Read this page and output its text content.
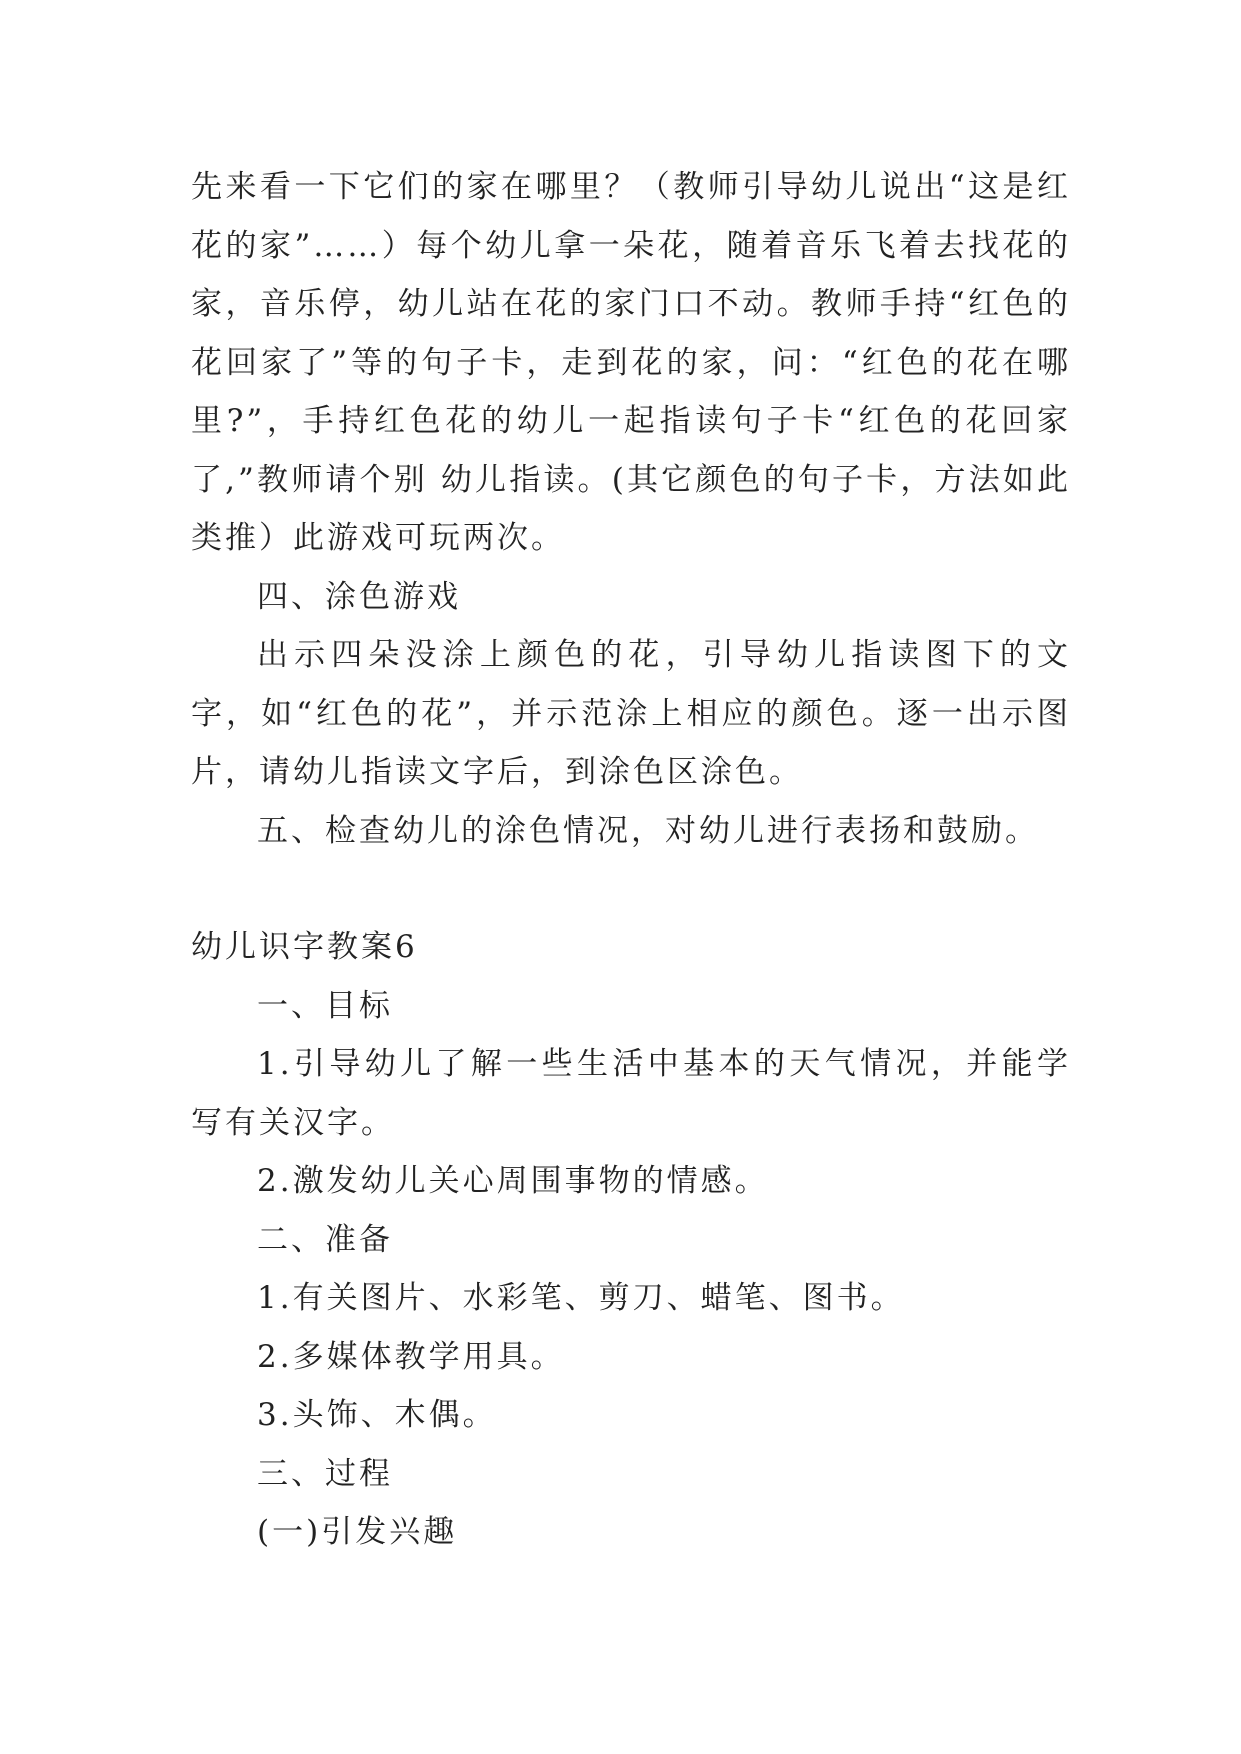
先来看一下它们的家在哪里？（教师引导幼儿说出“这是红花的家”……）每个幼儿拿一朵花，随着音乐飞着去找花的家，音乐停，幼儿站在花的家门口不动。教师手持“红色的花回家了”等的句子卡，走到花的家，问：“红色的花在哪里?”，手持红色花的幼儿一起指读句子卡“红色的花回家了,”教师请个别 幼儿指读。(其它颜色的句子卡，方法如此类推）此游戏可玩两次。

四、涂色游戏

出示四朵没涂上颜色的花，引导幼儿指读图下的文字，如“红色的花”，并示范涂上相应的颜色。逐一出示图片，请幼儿指读文字后，到涂色区涂色。

五、检查幼儿的涂色情况，对幼儿进行表扬和鼓励。

幼儿识字教案6

一、目标

1.引导幼儿了解一些生活中基本的天气情况，并能学写有关汉字。

2.激发幼儿关心周围事物的情感。

二、准备

1.有关图片、水彩笔、剪刀、蜡笔、图书。

2.多媒体教学用具。

3.头饰、木偶。

三、过程

(一)引发兴趣
